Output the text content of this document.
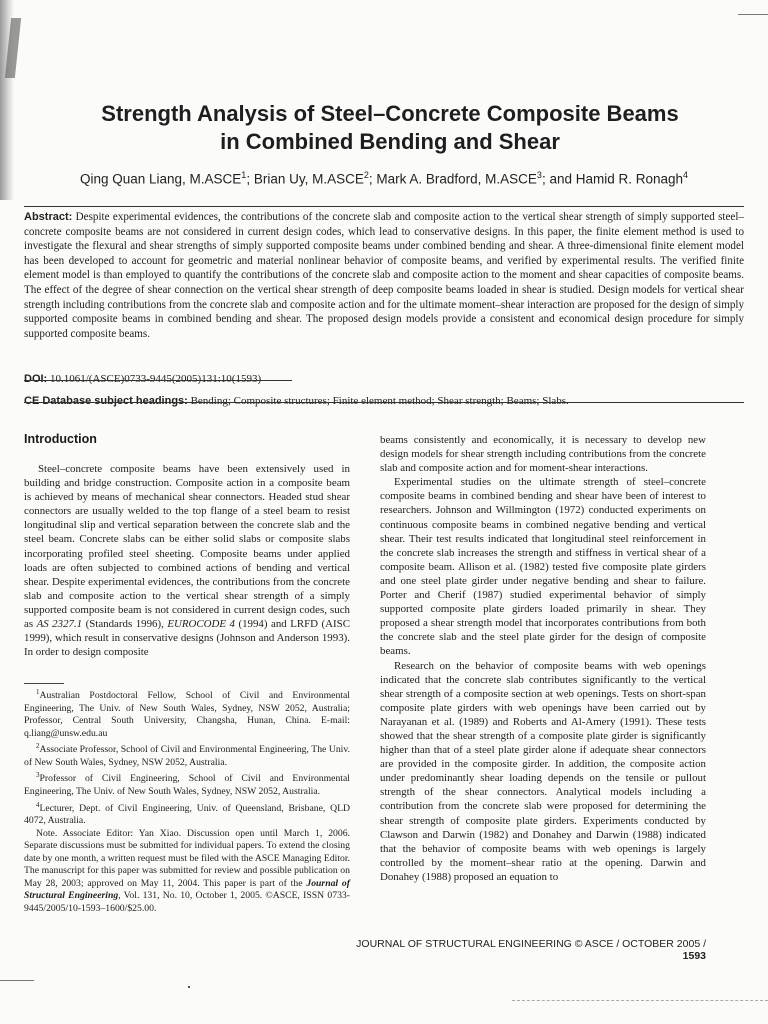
Strength Analysis of Steel–Concrete Composite Beams
in Combined Bending and Shear
Qing Quan Liang, M.ASCE$^1$; Brian Uy, M.ASCE$^2$; Mark A. Bradford, M.ASCE$^3$; and Hamid R. Ronagh$^4$
Abstract: Despite experimental evidences, the contributions of the concrete slab and composite action to the vertical shear strength of simply supported steel–concrete composite beams are not considered in current design codes, which lead to conservative designs. In this paper, the finite element method is used to investigate the flexural and shear strengths of simply supported composite beams under combined bending and shear. A three-dimensional finite element model has been developed to account for geometric and material nonlinear behavior of composite beams, and verified by experimental results. The verified finite element model is than employed to quantify the contributions of the concrete slab and composite action to the moment and shear capacities of composite beams. The effect of the degree of shear connection on the vertical shear strength of deep composite beams loaded in shear is studied. Design models for vertical shear strength including contributions from the concrete slab and composite action and for the ultimate moment–shear interaction are proposed for the design of simply supported composite beams in combined bending and shear. The proposed design models provide a consistent and economical design procedure for simply supported composite beams.
DOI: 10.1061/(ASCE)0733-9445(2005)131:10(1593)
CE Database subject headings: Bending; Composite structures; Finite element method; Shear strength; Beams; Slabs.
Introduction

Steel–concrete composite beams have been extensively used in building and bridge construction. Composite action in a composite beam is achieved by means of mechanical shear connectors. Headed stud shear connectors are usually welded to the top flange of a steel beam to resist longitudinal slip and vertical separation between the concrete slab and the steel beam. Concrete slabs can be either solid slabs or composite slabs incorporating profiled steel sheeting. Composite beams under applied loads are often subjected to combined actions of bending and vertical shear. Despite experimental evidences, the contributions from the concrete slab and composite action to the vertical shear strength of a simply supported composite beam is not considered in current design codes, such as AS 2327.1 (Standards 1996), EUROCODE 4 (1994) and LRFD (AISC 1999), which result in conservative designs (Johnson and Anderson 1993). In order to design composite

$^1$Australian Postdoctoral Fellow, School of Civil and Environmental Engineering, The Univ. of New South Wales, Sydney, NSW 2052, Australia; Professor, Central South University, Changsha, Hunan, China. E-mail: q.liang@unsw.edu.au

$^2$Associate Professor, School of Civil and Environmental Engineering, The Univ. of New South Wales, Sydney, NSW 2052, Australia.

$^3$Professor of Civil Engineering, School of Civil and Environmental Engineering, The Univ. of New South Wales, Sydney, NSW 2052, Australia.

$^4$Lecturer, Dept. of Civil Engineering, Univ. of Queensland, Brisbane, QLD 4072, Australia.

Note. Associate Editor: Yan Xiao. Discussion open until March 1, 2006. Separate discussions must be submitted for individual papers. To extend the closing date by one month, a written request must be filed with the ASCE Managing Editor. The manuscript for this paper was submitted for review and possible publication on May 28, 2003; approved on May 11, 2004. This paper is part of the Journal of Structural Engineering, Vol. 131, No. 10, October 1, 2005. ©ASCE, ISSN 0733-9445/2005/10-1593–1600/$25.00.

beams consistently and economically, it is necessary to develop new design models for shear strength including contributions from the concrete slab and composite action and for moment-shear interactions.

Experimental studies on the ultimate strength of steel–concrete composite beams in combined bending and shear have been of interest to researchers. Johnson and Willmington (1972) conducted experiments on continuous composite beams in combined negative bending and vertical shear. Their test results indicated that longitudinal steel reinforcement in the concrete slab increases the strength and stiffness in vertical shear of a composite beam. Allison et al. (1982) tested five composite plate girders and one steel plate girder under negative bending and shear to failure. Porter and Cherif (1987) studied experimental behavior of simply supported composite plate girders loaded primarily in shear. They proposed a shear strength model that incorporates contributions from both the concrete slab and the steel plate girder for the design of composite beams.

Research on the behavior of composite beams with web openings indicated that the concrete slab contributes significantly to the vertical shear strength of a composite section at web openings. Tests on short-span composite plate girders with web openings have been carried out by Narayanan et al. (1989) and Roberts and Al-Amery (1991). These tests showed that the shear strength of a composite plate girder is significantly higher than that of a steel plate girder alone if adequate shear connectors are provided in the composite girder. In addition, the composite action under predominantly shear loading depends on the tensile or pullout strength of the shear connectors. Analytical models including a contribution from the concrete slab were proposed for determining the shear strength of composite plate girders. Experiments conducted by Clawson and Darwin (1982) and Donahey and Darwin (1988) indicated that the behavior of composite beams with web openings is largely controlled by the moment–shear ratio at the opening. Darwin and Donahey (1988) proposed an equation to

JOURNAL OF STRUCTURAL ENGINEERING © ASCE / OCTOBER 2005 / 1593
